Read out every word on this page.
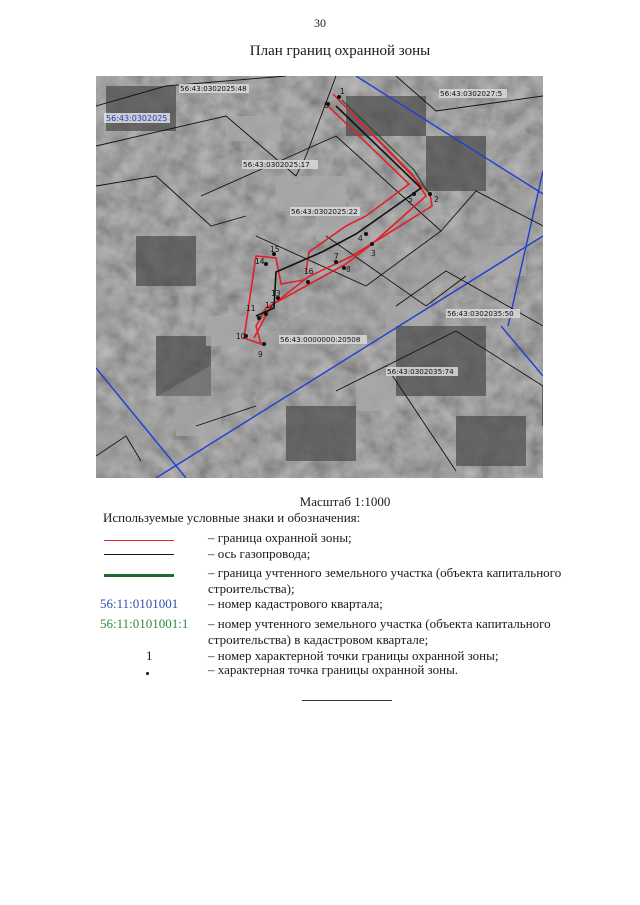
30
План границ охранной зоны
56:43:0302025:48
56:43:0302027:5
56:43:0302025:17
56:43:0302025:22
56:43:0302035:50
56:43:0000000:20508
56:43:0302035:74
56:43:0302025
1
2
3
4
5
6
7
8
9
10
11 12
13
14
15
16
Масштаб 1:1000
Используемые условные знаки и обозначения:
– граница охранной зоны;
– ось газопровода;
– граница учтенного земельного участка (объекта капитального строительства);
56:11:0101001 – номер кадастрового квартала;
56:11:0101001:1 – номер учтенного земельного участка (объекта капитального строительства) в кадастровом квартале;
1	– номер характерной точки границы охранной зоны;
– характерная точка границы охранной зоны.
